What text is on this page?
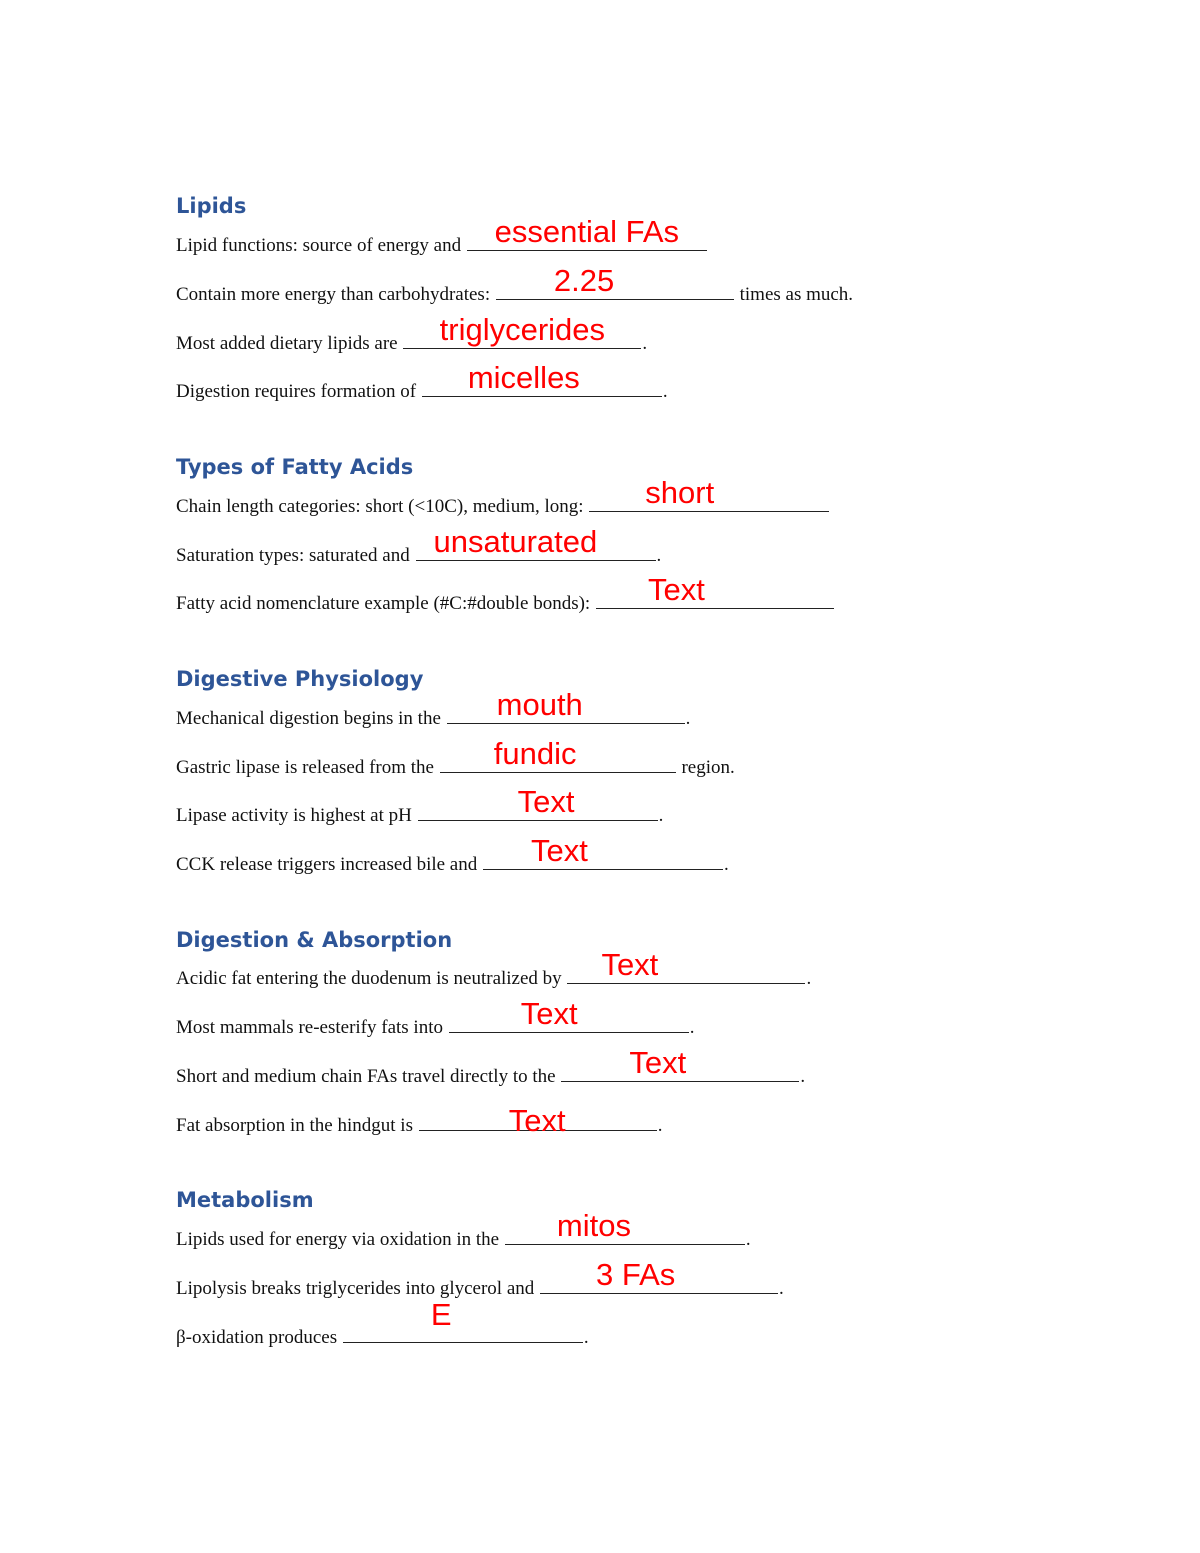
Lipids
Lipid functions: source of energy and	essential FAs
Contain more energy than carbohydrates: 2.25	times as much.
Most added dietary lipids are	triglycerides	.
Digestion requires formation of micelles	.
Types of Fatty Acids
Chain length categories: short (<10C), medium, long: short
Saturation types: saturated and unsaturated	.
Fatty acid nomenclature example (#C:#double bonds): Text
Digestive Physiology
Mechanical digestion begins in the mouth	.
Gastric lipase is released from the fundic	region.
Lipase activity is highest at pH	Text	.
CCK release triggers increased bile and Text	.
Digestion & Absorption
Acidic fat entering the duodenum is neutralized by Text	.
Most mammals re-esterify fats into	Text	.
Short and medium chain FAs travel directly to the Text	.
Fat absorption in the hindgut is	Text	.
Metabolism
Lipids used for energy via oxidation in the mitos	.
Lipolysis breaks triglycerides into glycerol and 3 FAs	.
β-oxidation produces
E
.
